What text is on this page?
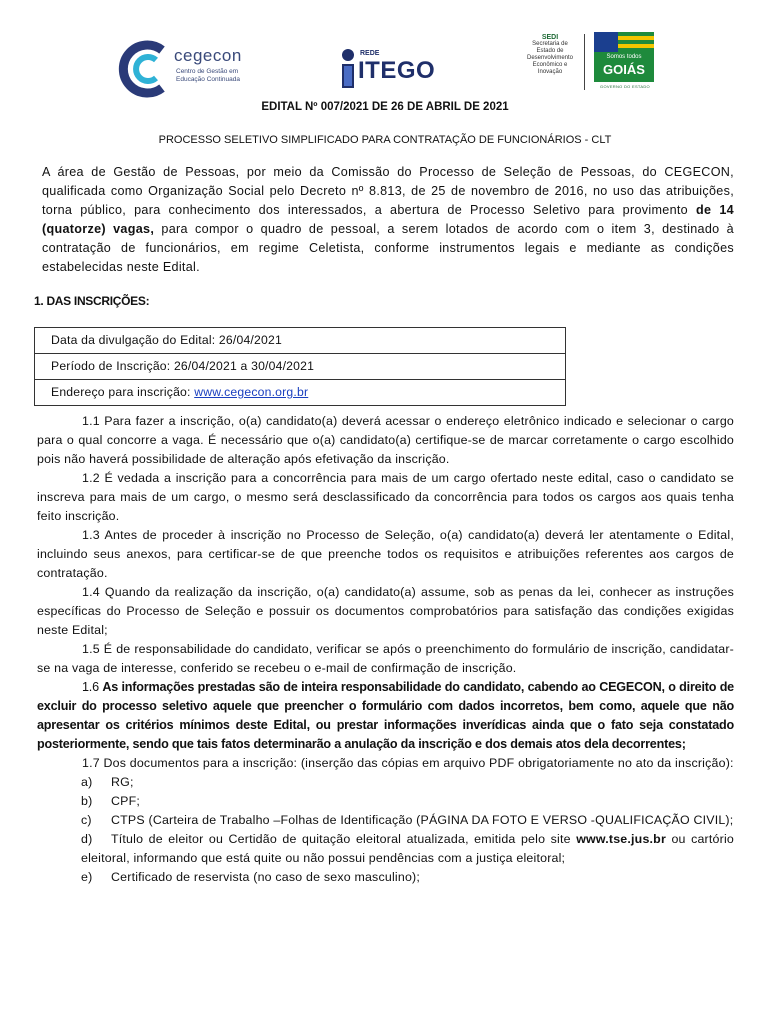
cegecon
Centro de Gestão em
Educação Continuada
REDE
ITEGO
SEDI
Secretaria de
Estado de
Desenvolvimento
Econômico e
Inovação
Somos todos
GOIÁS
GOVERNO DO ESTADO
EDITAL Nº 007/2021 DE 26 DE ABRIL DE 2021
PROCESSO SELETIVO SIMPLIFICADO PARA CONTRATAÇÃO DE FUNCIONÁRIOS - CLT
A área de Gestão de Pessoas, por meio da Comissão do Processo de Seleção de Pessoas, do CEGECON, qualificada como Organização Social pelo Decreto nº 8.813, de 25 de novembro de 2016, no uso das atribuições, torna público, para conhecimento dos interessados, a abertura de Processo Seletivo para provimento de 14 (quatorze) vagas, para compor o quadro de pessoal, a serem lotados de acordo com o item 3, destinado à contratação de funcionários, em regime Celetista, conforme instrumentos legais e mediante as condições estabelecidas neste Edital.
1. DAS INSCRIÇÕES:
Data da divulgação do Edital: 26/04/2021
Período de Inscrição: 26/04/2021 a 30/04/2021
Endereço para inscrição: www.cegecon.org.br

1.1 Para fazer a inscrição, o(a) candidato(a) deverá acessar o endereço eletrônico indicado e selecionar o cargo para o qual concorre a vaga. É necessário que o(a) candidato(a) certifique-se de marcar corretamente o cargo escolhido pois não haverá possibilidade de alteração após efetivação da inscrição.

1.2 É vedada a inscrição para a concorrência para mais de um cargo ofertado neste edital, caso o candidato se inscreva para mais de um cargo, o mesmo será desclassificado da concorrência para todos os cargos aos quais tenha feito inscrição.

1.3 Antes de proceder à inscrição no Processo de Seleção, o(a) candidato(a) deverá ler atentamente o Edital, incluindo seus anexos, para certificar-se de que preenche todos os requisitos e atribuições referentes aos cargos de contratação.

1.4 Quando da realização da inscrição, o(a) candidato(a) assume, sob as penas da lei, conhecer as instruções específicas do Processo de Seleção e possuir os documentos comprobatórios para satisfação das condições exigidas neste Edital;

1.5 É de responsabilidade do candidato, verificar se após o preenchimento do formulário de inscrição, candidatar-se na vaga de interesse, conferido se recebeu o e-mail de confirmação de inscrição.

1.6 As informações prestadas são de inteira responsabilidade do candidato, cabendo ao CEGECON, o direito de excluir do processo seletivo aquele que preencher o formulário com dados incorretos, bem como, aquele que não apresentar os critérios mínimos deste Edital, ou prestar informações inverídicas ainda que o fato seja constatado posteriormente, sendo que tais fatos determinarão a anulação da inscrição e dos demais atos dela decorrentes;

1.7 Dos documentos para a inscrição: (inserção das cópias em arquivo PDF obrigatoriamente no ato da inscrição):

a)	RG;
b)	CPF;
c) CTPS (Carteira de Trabalho –Folhas de Identificação (PÁGINA DA FOTO E VERSO -QUALIFICAÇÃO CIVIL);
d) Título de eleitor ou Certidão de quitação eleitoral atualizada, emitida pelo site www.tse.jus.br ou cartório eleitoral, informando que está quite ou não possui pendências com a justiça eleitoral;
e)	Certificado de reservista (no caso de sexo masculino);
